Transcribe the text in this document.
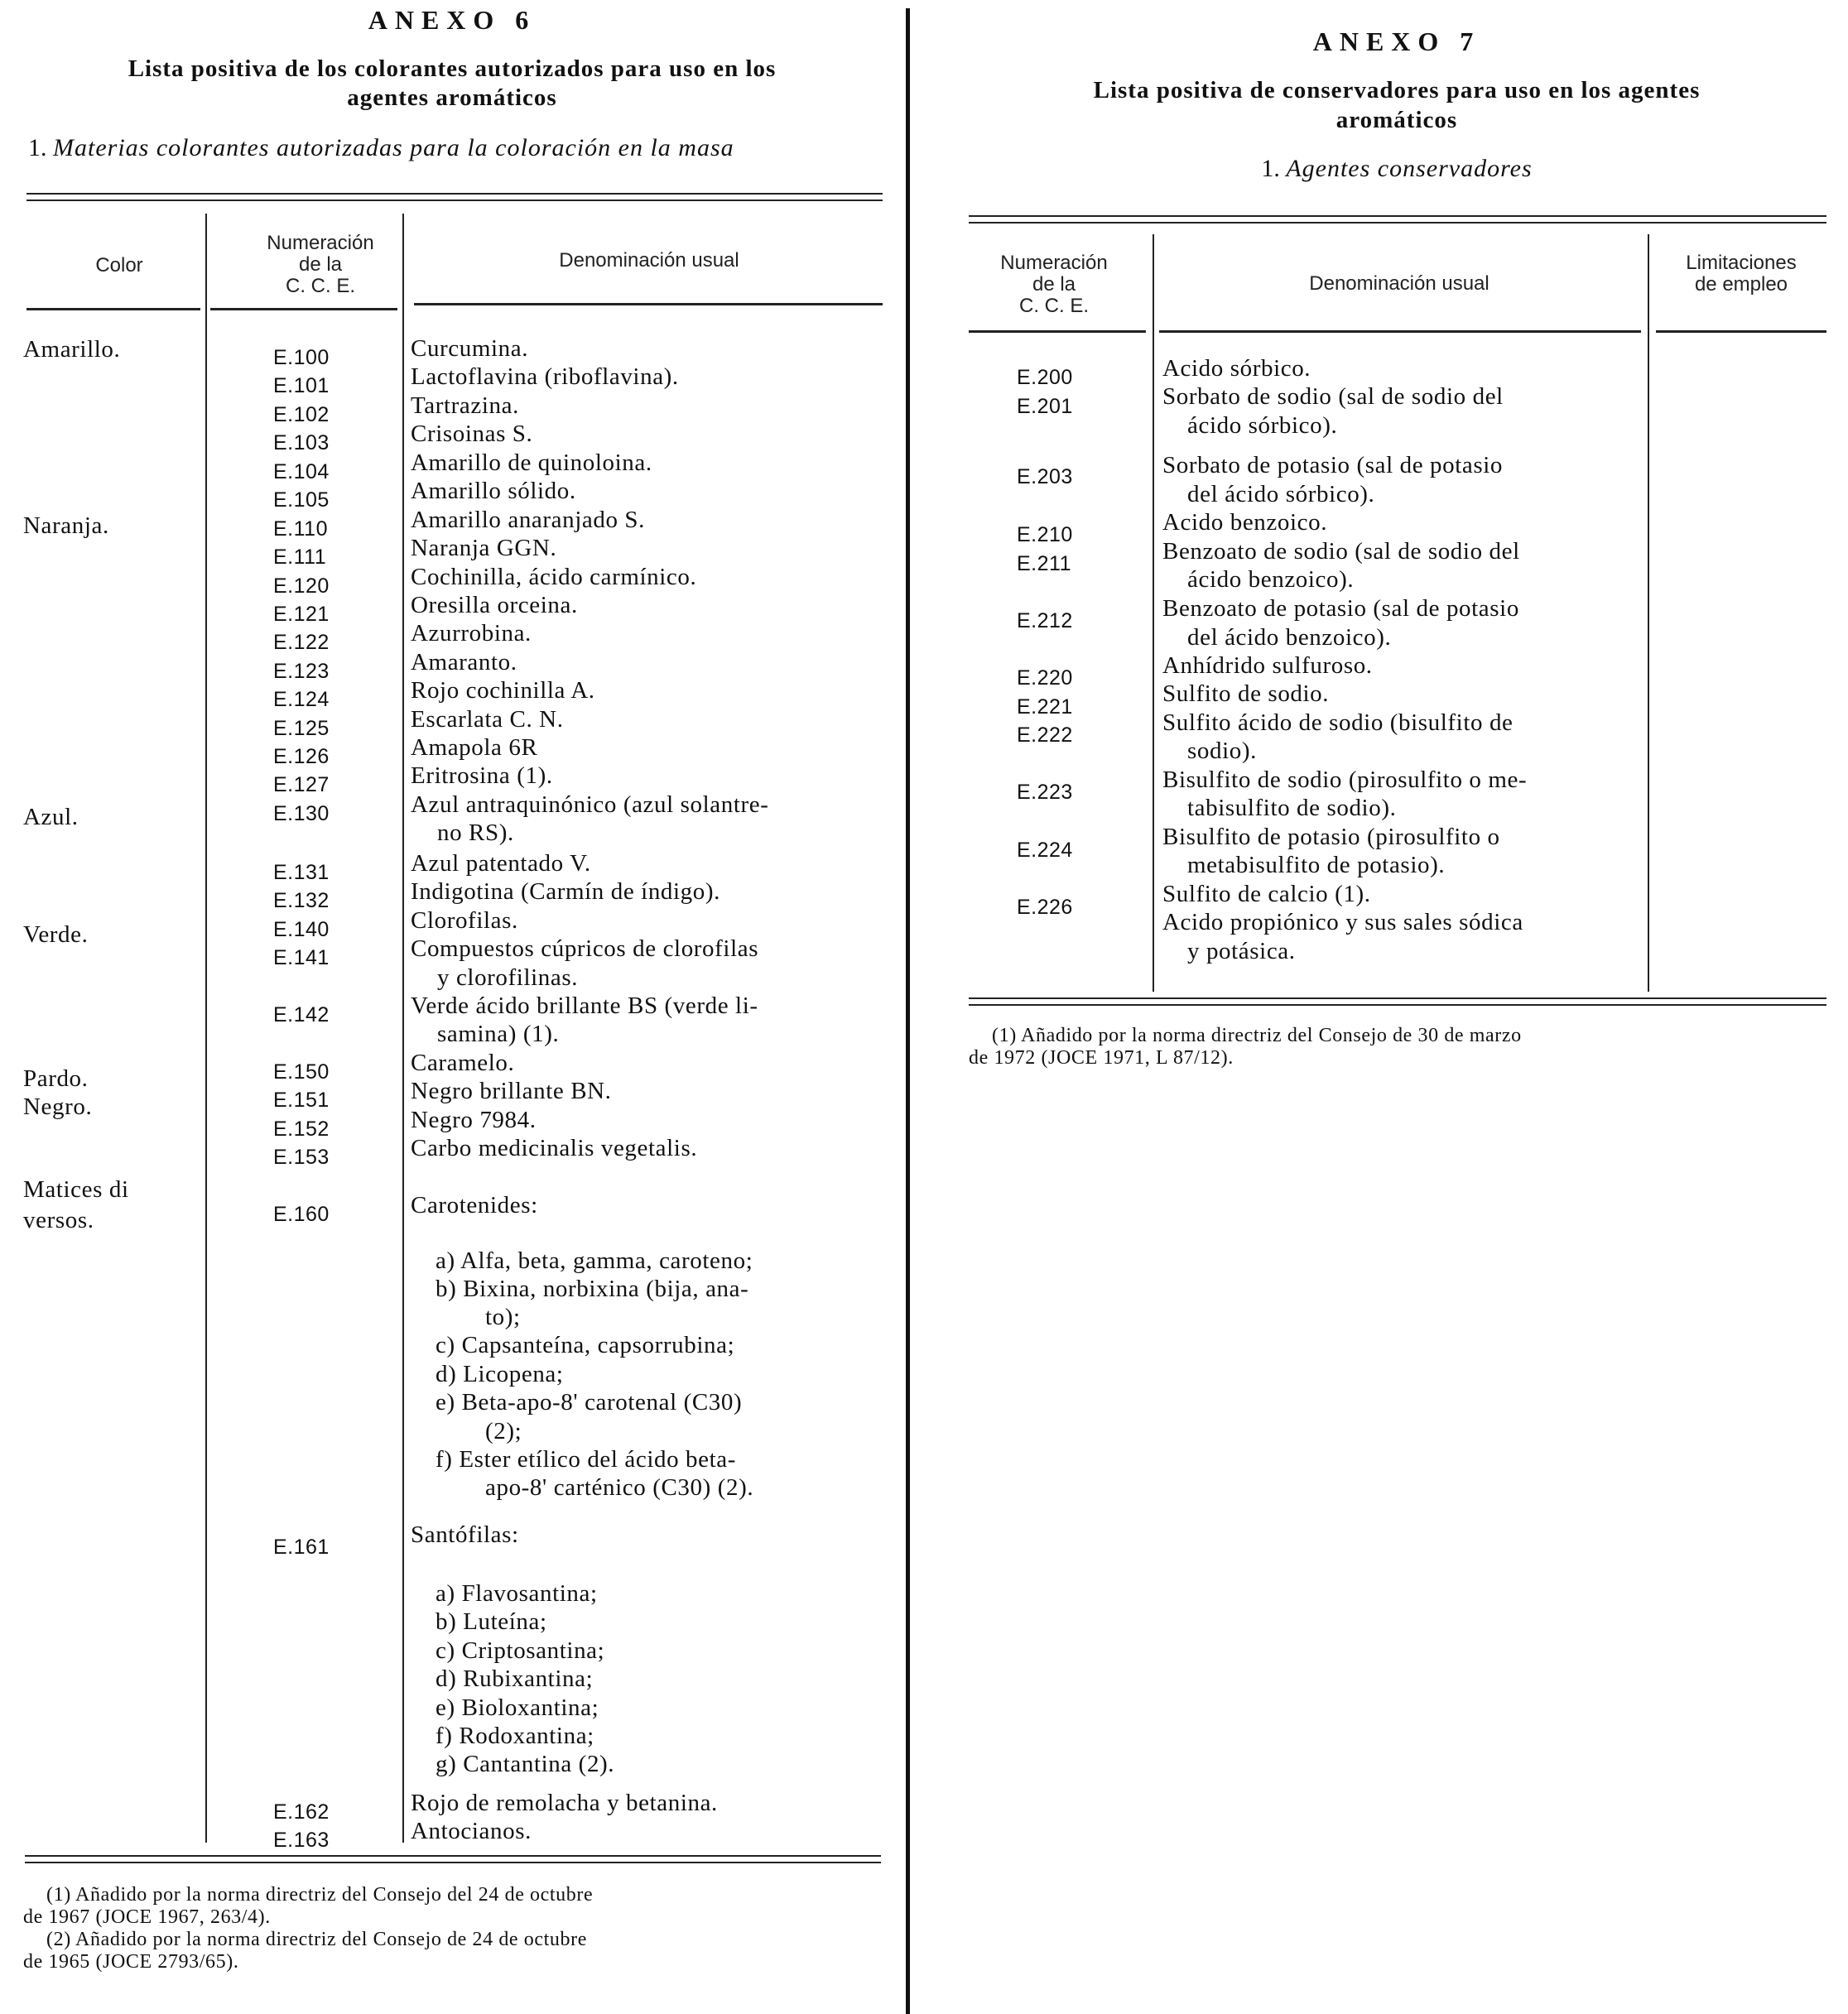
ANEXO 6

Lista positiva de los colorantes autorizados para uso en los

agentes aromáticos

1. Materias colorantes autorizadas para la coloración en la masa

Color
Numeración
de la
C. C. E.
Denominación usual
Amarillo.
Naranja.
Azul.
Verde.
Pardo.
Negro.
Matices di
versos.
E.100
E.101
E.102
E.103
E.104
E.105
E.110
E.111
E.120
E.121
E.122
E.123
E.124
E.125
E.126
E.127
E.130
E.131
E.132
E.140
E.141
E.142
E.150
E.151
E.152
E.153
E.160
E.161
E.162
E.163
Curcumina.
Lactoflavina (riboflavina).
Tartrazina.
Crisoinas S.
Amarillo de quinoloina.
Amarillo sólido.
Amarillo anaranjado S.
Naranja GGN.
Cochinilla, ácido carmínico.
Oresilla orceina.
Azurrobina.
Amaranto.
Rojo cochinilla A.
Escarlata C. N.
Amapola 6R
Eritrosina (1).
Azul antraquinónico (azul solantre-
no RS).
Azul patentado V.
Indigotina (Carmín de índigo).
Clorofilas.
Compuestos cúpricos de clorofilas
y clorofilinas.
Verde ácido brillante BS (verde li-
samina) (1).
Caramelo.
Negro brillante BN.
Negro 7984.
Carbo medicinalis vegetalis.
Carotenides:
a) Alfa, beta, gamma, caroteno;
b) Bixina, norbixina (bija, ana-
to);
c) Capsanteína, capsorrubina;
d) Licopena;
e) Beta-apo-8' carotenal (C30)
(2);
f) Ester etílico del ácido beta-
apo-8' carténico (C30) (2).
Santófilas:
a) Flavosantina;
b) Luteína;
c) Criptosantina;
d) Rubixantina;
e) Bioloxantina;
f) Rodoxantina;
g) Cantantina (2).
Rojo de remolacha y betanina.
Antocianos.
(1) Añadido por la norma directriz del Consejo del 24 de octubre
de 1967 (JOCE 1967, 263/4).
(2) Añadido por la norma directriz del Consejo de 24 de octubre
de 1965 (JOCE 2793/65).
ANEXO 7

Lista positiva de conservadores para uso en los agentes

aromáticos

1. Agentes conservadores

Numeración
de la
C. C. E.
Denominación usual
Limitaciones
de empleo
E.200
E.201
E.203
E.210
E.211
E.212
E.220
E.221
E.222
E.223
E.224
E.226
Acido sórbico.
Sorbato de sodio (sal de sodio del
ácido sórbico).
Sorbato de potasio (sal de potasio
del ácido sórbico).
Acido benzoico.
Benzoato de sodio (sal de sodio del
ácido benzoico).
Benzoato de potasio (sal de potasio
del ácido benzoico).
Anhídrido sulfuroso.
Sulfito de sodio.
Sulfito ácido de sodio (bisulfito de
sodio).
Bisulfito de sodio (pirosulfito o me-
tabisulfito de sodio).
Bisulfito de potasio (pirosulfito o
metabisulfito de potasio).
Sulfito de calcio (1).
Acido propiónico y sus sales sódica
y potásica.
(1) Añadido por la norma directriz del Consejo de 30 de marzo
de 1972 (JOCE 1971, L 87/12).
